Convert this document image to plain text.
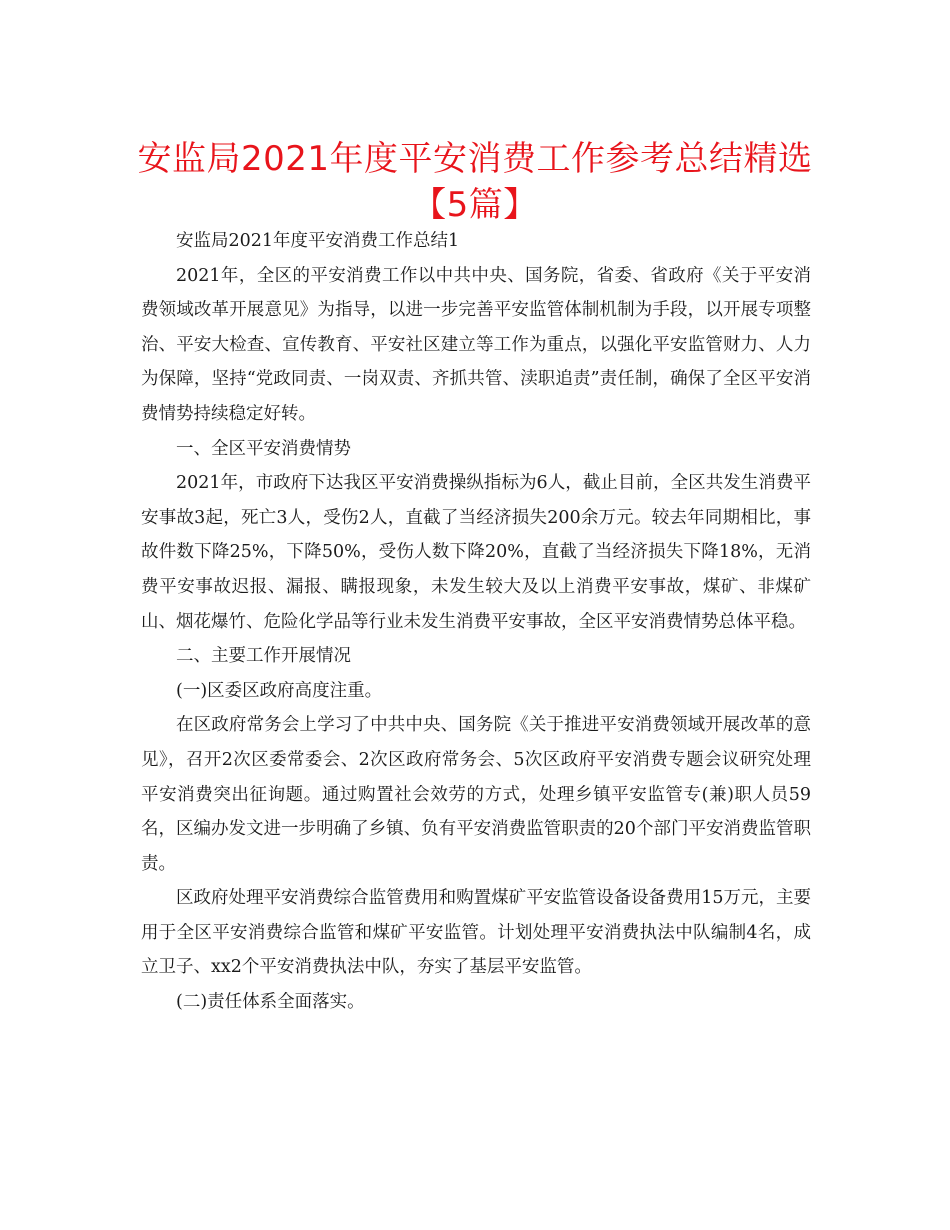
安监局2021年度平安消费工作参考总结精选【5篇】

安监局2021年度平安消费工作总结1

2021年，全区的平安消费工作以中共中央、国务院，省委、省政府《关于平安消费领域改革开展意见》为指导，以进一步完善平安监管体制机制为手段，以开展专项整治、平安大检查、宣传教育、平安社区建立等工作为重点，以强化平安监管财力、人力为保障，坚持“党政同责、一岗双责、齐抓共管、渎职追责”责任制，确保了全区平安消费情势持续稳定好转。

一、全区平安消费情势

2021年，市政府下达我区平安消费操纵指标为6人，截止目前，全区共发生消费平安事故3起，死亡3人，受伤2人，直截了当经济损失200余万元。较去年同期相比，事故件数下降25%，下降50%，受伤人数下降20%，直截了当经济损失下降18%，无消费平安事故迟报、漏报、瞒报现象，未发生较大及以上消费平安事故，煤矿、非煤矿山、烟花爆竹、危险化学品等行业未发生消费平安事故，全区平安消费情势总体平稳。

二、主要工作开展情况

(一)区委区政府高度注重。

在区政府常务会上学习了中共中央、国务院《关于推进平安消费领域开展改革的意见》，召开2次区委常委会、2次区政府常务会、5次区政府平安消费专题会议研究处理平安消费突出征询题。通过购置社会效劳的方式，处理乡镇平安监管专(兼)职人员59名，区编办发文进一步明确了乡镇、负有平安消费监管职责的20个部门平安消费监管职责。

区政府处理平安消费综合监管费用和购置煤矿平安监管设备设备费用15万元，主要用于全区平安消费综合监管和煤矿平安监管。计划处理平安消费执法中队编制4名，成立卫子、xx2个平安消费执法中队，夯实了基层平安监管。

(二)责任体系全面落实。
